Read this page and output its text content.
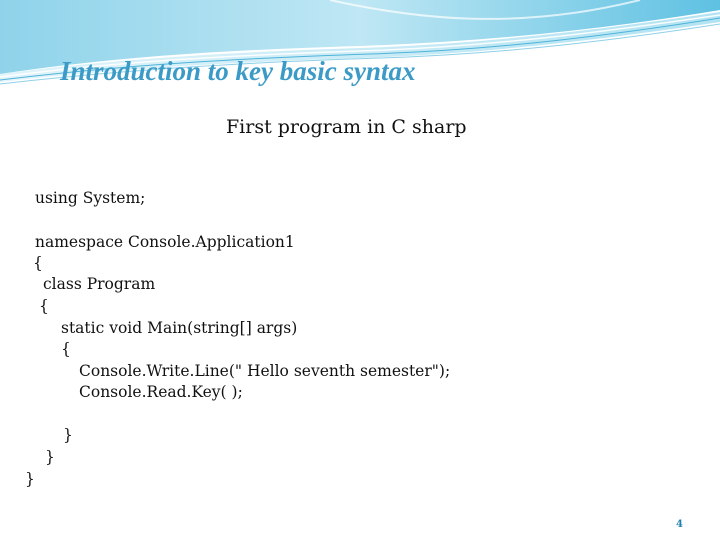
Introduction to key basic syntax
First program in C sharp
using System;
namespace Console.Application1
{
class Program
{
static void Main(string[] args)
{
Console.Write.Line(" Hello seventh semester");
Console.Read.Key( );
}
}
}
4
